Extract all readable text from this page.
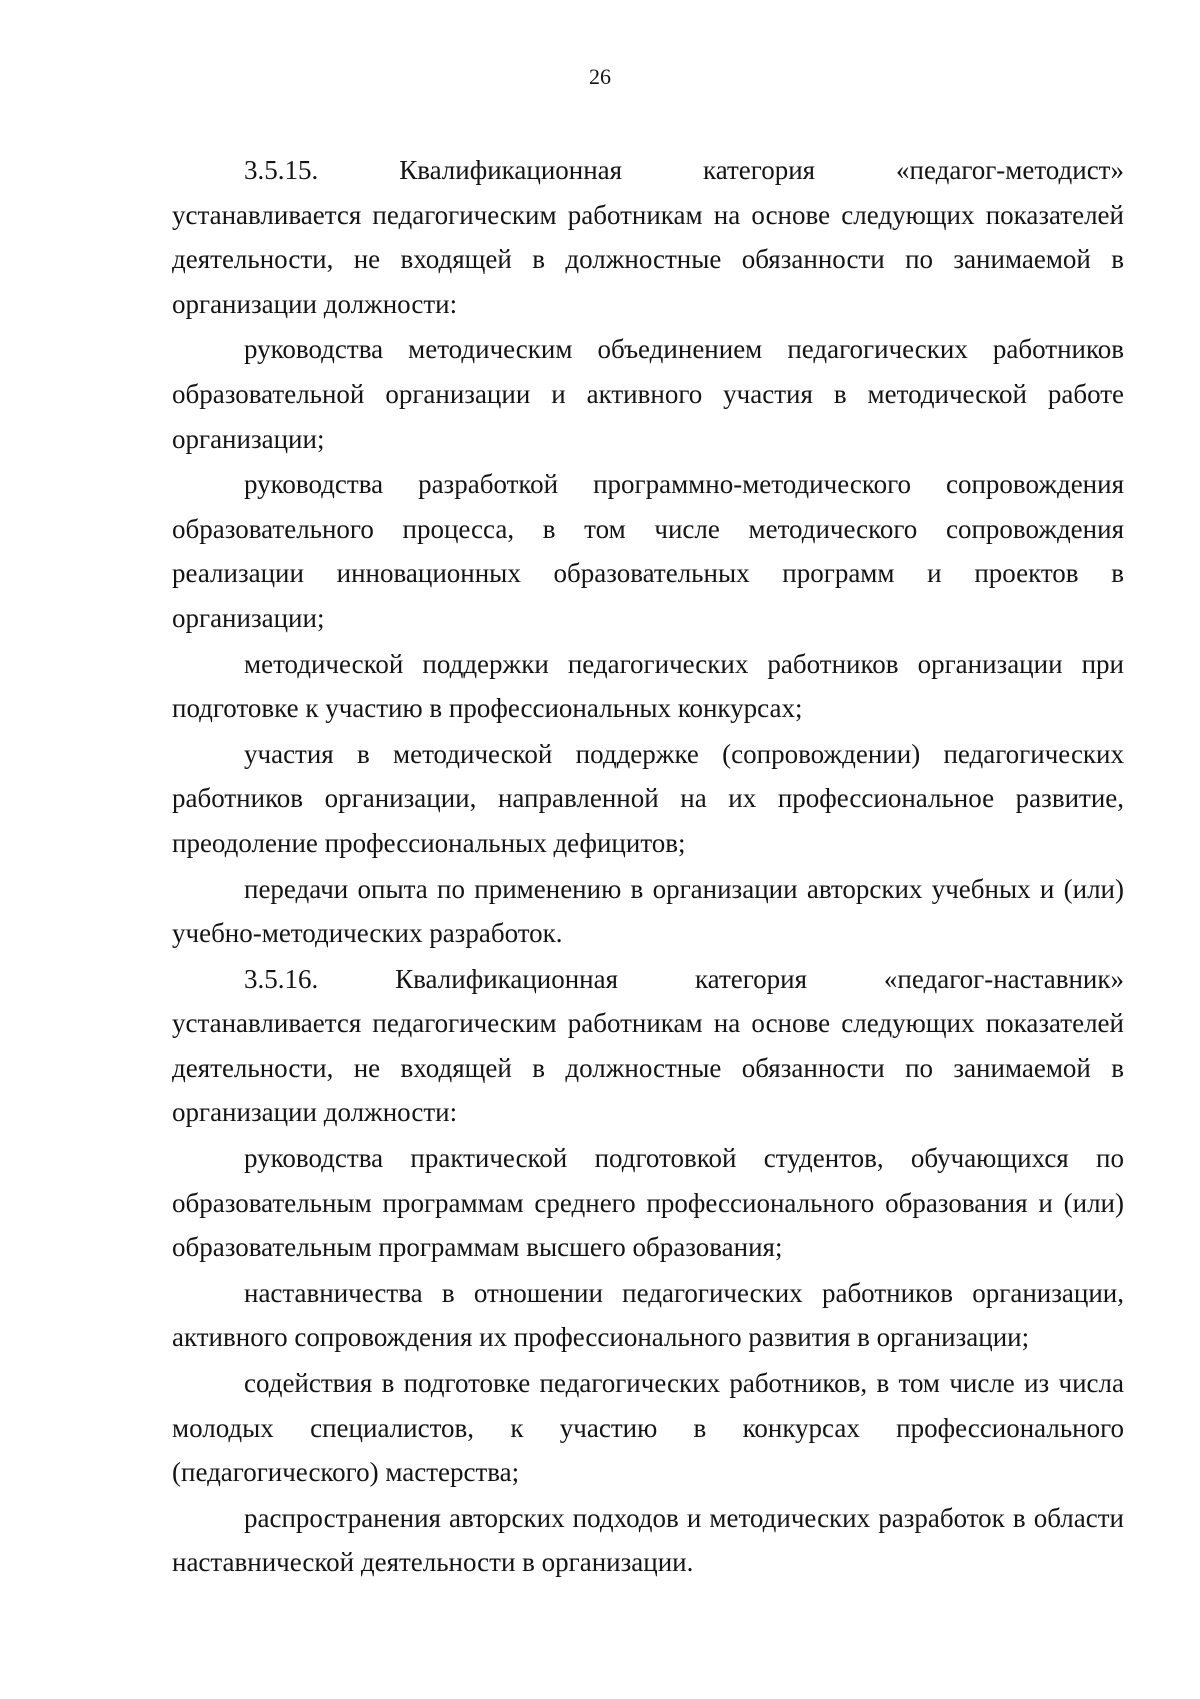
26
3.5.15.	Квалификационная	категория	«педагог-методист»

устанавливается педагогическим работникам на основе следующих показателей деятельности, не входящей в должностные обязанности по занимаемой в организации должности:

руководства методическим объединением педагогических работников образовательной организации и активного участия в методической работе организации;

руководства разработкой программно-методического сопровождения образовательного процесса, в том числе методического сопровождения реализации инновационных образовательных программ и проектов в организации;

методической поддержки педагогических работников организации при подготовке к участию в профессиональных конкурсах;

участия в методической поддержке (сопровождении) педагогических работников организации, направленной на их профессиональное развитие, преодоление профессиональных дефицитов;

передачи опыта по применению в организации авторских учебных и (или) учебно-методических разработок.

3.5.16.	Квалификационная	категория	«педагог-наставник»

устанавливается педагогическим работникам на основе следующих показателей деятельности, не входящей в должностные обязанности по занимаемой в организации должности:

руководства практической подготовкой студентов, обучающихся по образовательным программам среднего профессионального образования и (или) образовательным программам высшего образования;

наставничества в отношении педагогических работников организации, активного сопровождения их профессионального развития в организации;

содействия в подготовке педагогических работников, в том числе из числа молодых специалистов, к участию в конкурсах профессионального (педагогического) мастерства;

распространения авторских подходов и методических разработок в области наставнической деятельности в организации.
